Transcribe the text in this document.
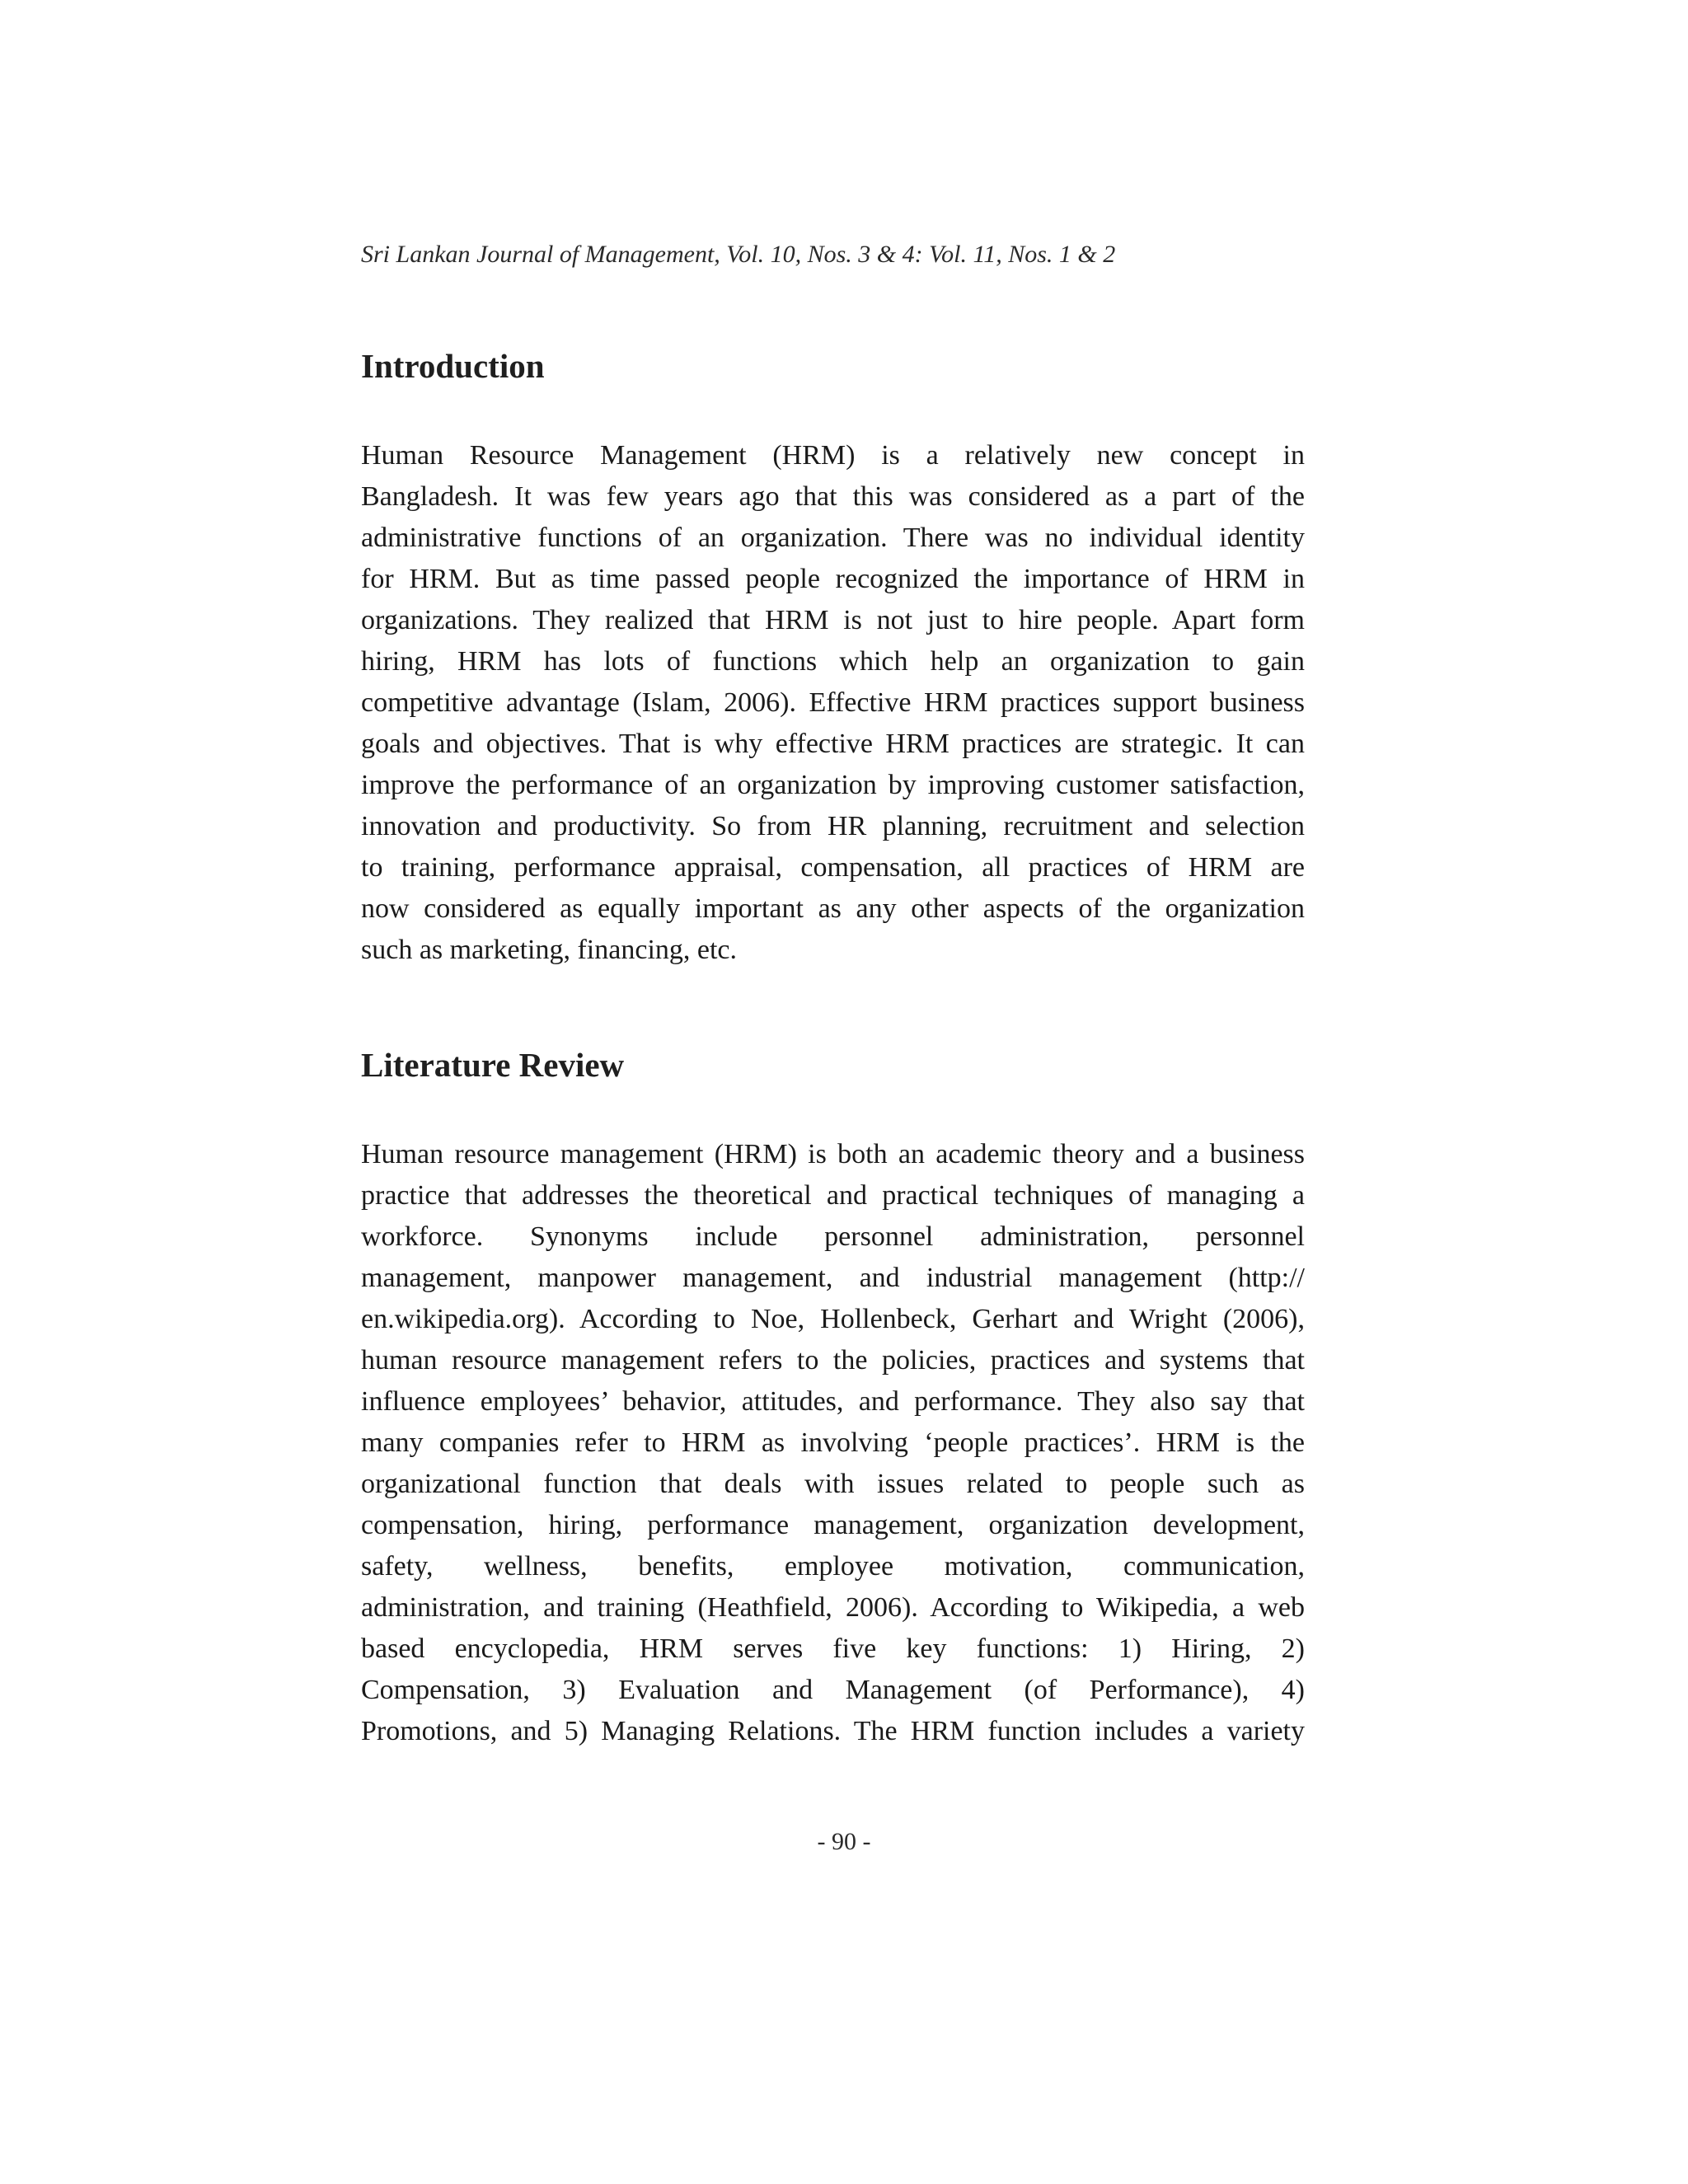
Sri Lankan Journal of Management, Vol. 10, Nos. 3 & 4: Vol. 11, Nos. 1 & 2
Introduction
Human Resource Management (HRM) is a relatively new concept in
Bangladesh. It was few years ago that this was considered as a part of the
administrative functions of an organization. There was no individual identity
for HRM. But as time passed people recognized the importance of HRM in
organizations. They realized that HRM is not just to hire people. Apart form
hiring, HRM has lots of functions which help an organization to gain
competitive advantage (Islam, 2006). Effective HRM practices support business
goals and objectives. That is why effective HRM practices are strategic. It can
improve the performance of an organization by improving customer satisfaction,
innovation and productivity. So from HR planning, recruitment and selection
to training, performance appraisal, compensation, all practices of HRM are
now considered as equally important as any other aspects of the organization
such as marketing, financing, etc.
Literature Review
Human resource management (HRM) is both an academic theory and a business
practice that addresses the theoretical and practical techniques of managing a
workforce. Synonyms include personnel administration, personnel
management, manpower management, and industrial management (http://
en.wikipedia.org). According to Noe, Hollenbeck, Gerhart and Wright (2006),
human resource management refers to the policies, practices and systems that
influence employees’ behavior, attitudes, and performance. They also say that
many companies refer to HRM as involving ‘people practices’. HRM is the
organizational function that deals with issues related to people such as
compensation, hiring, performance management, organization development,
safety, wellness, benefits, employee motivation, communication,
administration, and training (Heathfield, 2006). According to Wikipedia, a web
based encyclopedia, HRM serves five key functions: 1) Hiring, 2)
Compensation, 3) Evaluation and Management (of Performance), 4)
Promotions, and 5) Managing Relations. The HRM function includes a variety
- 90 -
